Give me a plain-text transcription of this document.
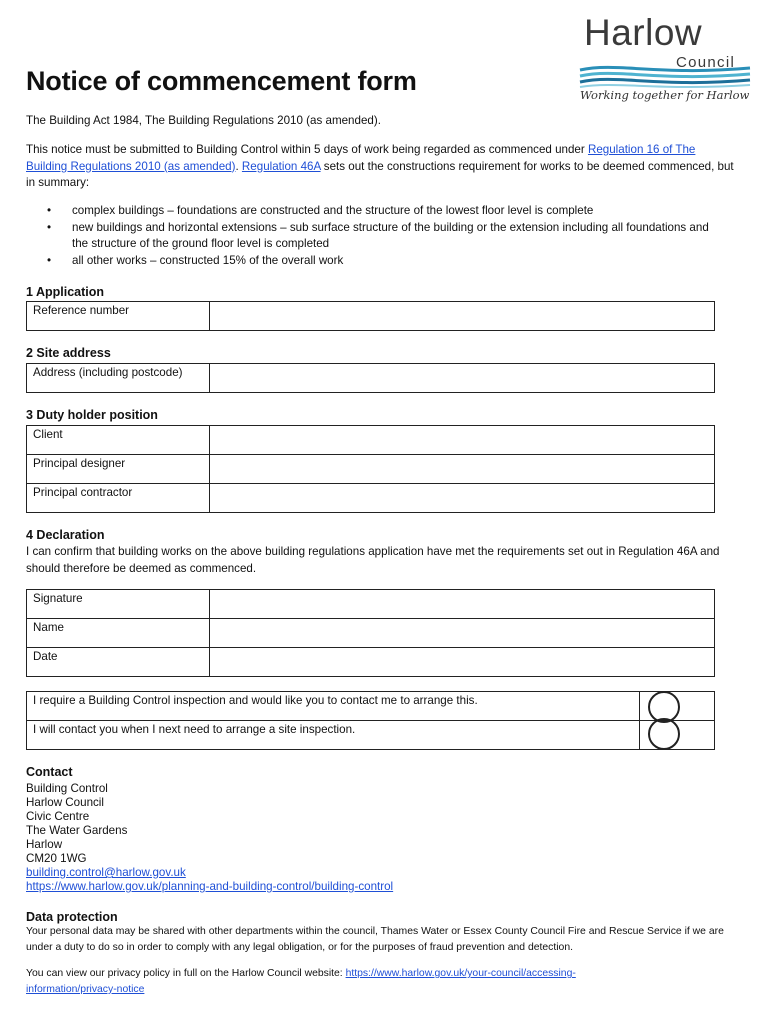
Harlow
Council
Working together for Harlow
Notice of commencement form
The Building Act 1984, The Building Regulations 2010 (as amended).
This notice must be submitted to Building Control within 5 days of work being regarded as commenced under Regulation 16 of The Building Regulations 2010 (as amended). Regulation 46A sets out the constructions requirement for works to be deemed commenced, but in summary:
• complex buildings – foundations are constructed and the structure of the lowest floor level is complete
• new buildings and horizontal extensions – sub surface structure of the building or the extension including all foundations and the structure of the ground floor level is completed
• all other works – constructed 15% of the overall work
1 Application
Reference number	
2 Site address
Address (including postcode)	
3 Duty holder position
Client	
Principal designer	
Principal contractor	
4 Declaration
I can confirm that building works on the above building regulations application have met the requirements set out in Regulation 46A and should therefore be deemed as commenced.
Signature	
Name	
Date	
I require a Building Control inspection and would like you to contact me to arrange this.	
I will contact you when I next need to arrange a site inspection.	
Contact
Building Control
Harlow Council
Civic Centre
The Water Gardens
Harlow
CM20 1WG
building.control@harlow.gov.uk
https://www.harlow.gov.uk/planning-and-building-control/building-control
Data protection
Your personal data may be shared with other departments within the council, Thames Water or Essex County Council Fire and Rescue Service if we are under a duty to do so in order to comply with any legal obligation, or for the purposes of fraud prevention and detection.
You can view our privacy policy in full on the Harlow Council website: https://www.harlow.gov.uk/your-council/accessing-information/privacy-notice
